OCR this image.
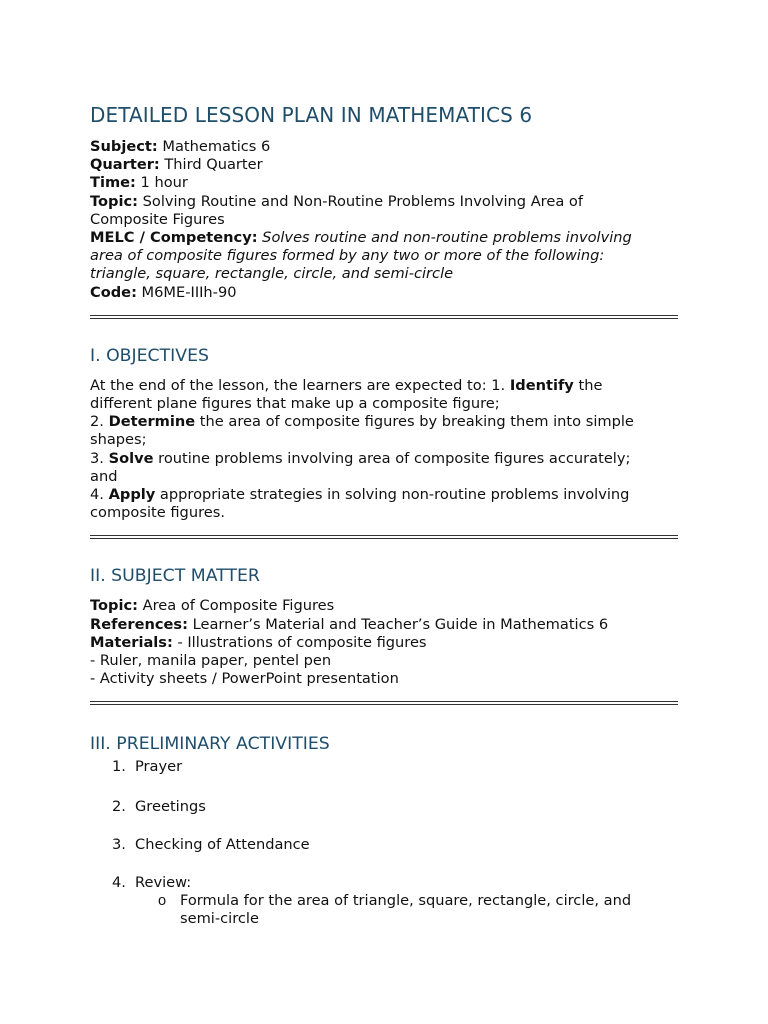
DETAILED LESSON PLAN IN MATHEMATICS 6
Subject: Mathematics 6
Quarter: Third Quarter
Time: 1 hour
Topic: Solving Routine and Non-Routine Problems Involving Area of
Composite Figures
MELC / Competency: Solves routine and non-routine problems involving
area of composite figures formed by any two or more of the following:
triangle, square, rectangle, circle, and semi-circle
Code: M6ME-IIIh-90
I. OBJECTIVES
At the end of the lesson, the learners are expected to: 1. Identify the
different plane figures that make up a composite figure;
2. Determine the area of composite figures by breaking them into simple
shapes;
3. Solve routine problems involving area of composite figures accurately;
and
4. Apply appropriate strategies in solving non-routine problems involving
composite figures.
II. SUBJECT MATTER
Topic: Area of Composite Figures
References: Learner’s Material and Teacher’s Guide in Mathematics 6
Materials: - Illustrations of composite figures
- Ruler, manila paper, pentel pen
- Activity sheets / PowerPoint presentation
III. PRELIMINARY ACTIVITIES
1. Prayer
2. Greetings
3. Checking of Attendance
4. Review:
o Formula for the area of triangle, square, rectangle, circle, and
semi-circle
